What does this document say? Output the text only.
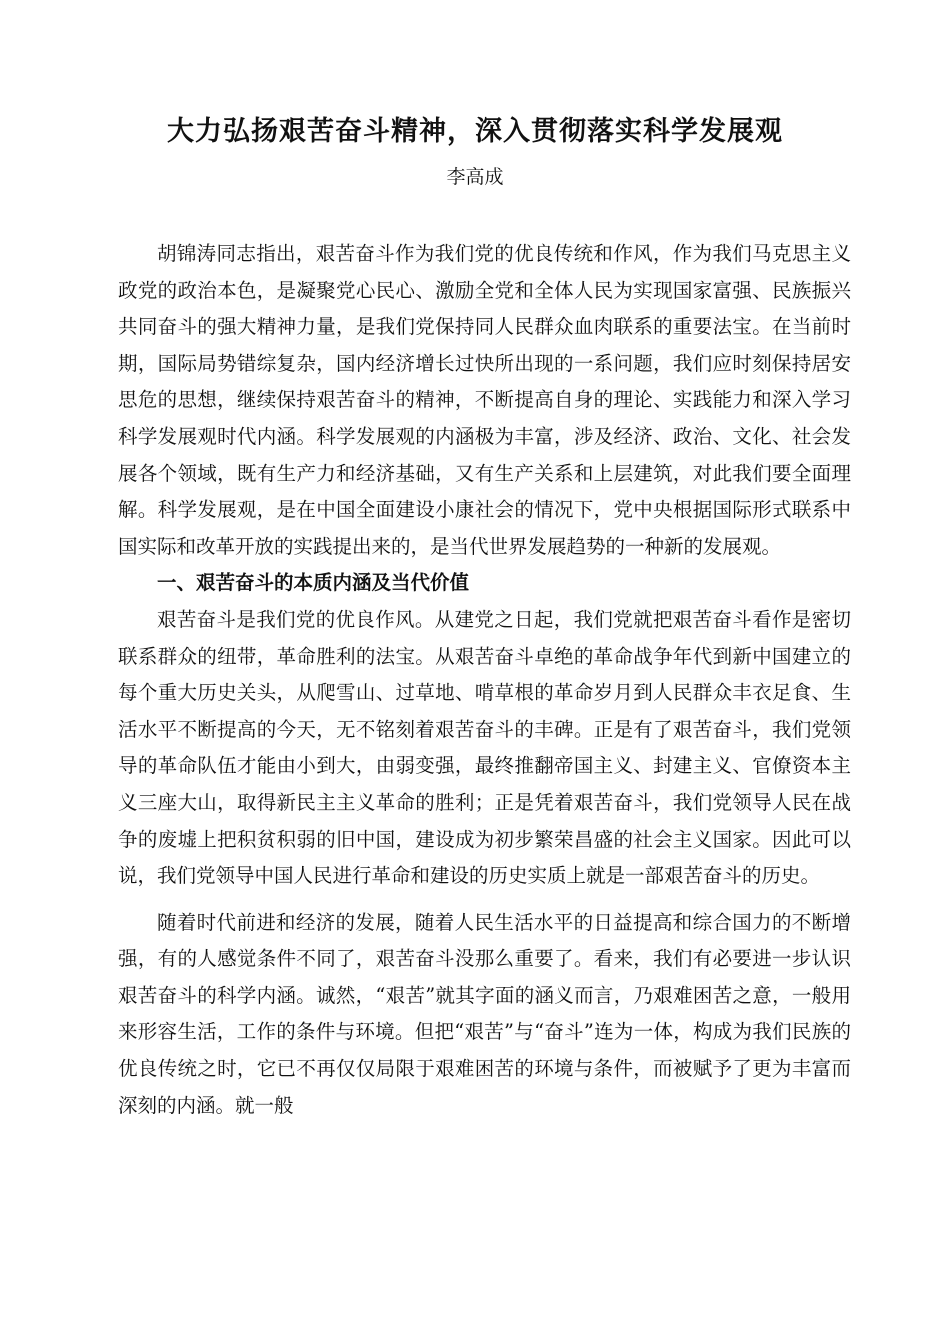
大力弘扬艰苦奋斗精神，深入贯彻落实科学发展观

李高成

胡锦涛同志指出，艰苦奋斗作为我们党的优良传统和作风，作为我们马克思主义政党的政治本色，是凝聚党心民心、激励全党和全体人民为实现国家富强、民族振兴共同奋斗的强大精神力量，是我们党保持同人民群众血肉联系的重要法宝。在当前时期，国际局势错综复杂，国内经济增长过快所出现的一系问题，我们应时刻保持居安思危的思想，继续保持艰苦奋斗的精神，不断提高自身的理论、实践能力和深入学习科学发展观时代内涵。科学发展观的内涵极为丰富，涉及经济、政治、文化、社会发展各个领域，既有生产力和经济基础，又有生产关系和上层建筑，对此我们要全面理解。科学发展观，是在中国全面建设小康社会的情况下，党中央根据国际形式联系中国实际和改革开放的实践提出来的，是当代世界发展趋势的一种新的发展观。

一、艰苦奋斗的本质内涵及当代价值

艰苦奋斗是我们党的优良作风。从建党之日起，我们党就把艰苦奋斗看作是密切联系群众的纽带，革命胜利的法宝。从艰苦奋斗卓绝的革命战争年代到新中国建立的每个重大历史关头，从爬雪山、过草地、啃草根的革命岁月到人民群众丰衣足食、生活水平不断提高的今天，无不铭刻着艰苦奋斗的丰碑。正是有了艰苦奋斗，我们党领导的革命队伍才能由小到大，由弱变强，最终推翻帝国主义、封建主义、官僚资本主义三座大山，取得新民主主义革命的胜利；正是凭着艰苦奋斗，我们党领导人民在战争的废墟上把积贫积弱的旧中国，建设成为初步繁荣昌盛的社会主义国家。因此可以说，我们党领导中国人民进行革命和建设的历史实质上就是一部艰苦奋斗的历史。

随着时代前进和经济的发展，随着人民生活水平的日益提高和综合国力的不断增强，有的人感觉条件不同了，艰苦奋斗没那么重要了。看来，我们有必要进一步认识艰苦奋斗的科学内涵。诚然，“艰苦”就其字面的涵义而言，乃艰难困苦之意，一般用来形容生活，工作的条件与环境。但把“艰苦”与“奋斗”连为一体，构成为我们民族的优良传统之时，它已不再仅仅局限于艰难困苦的环境与条件，而被赋予了更为丰富而深刻的内涵。就一般
